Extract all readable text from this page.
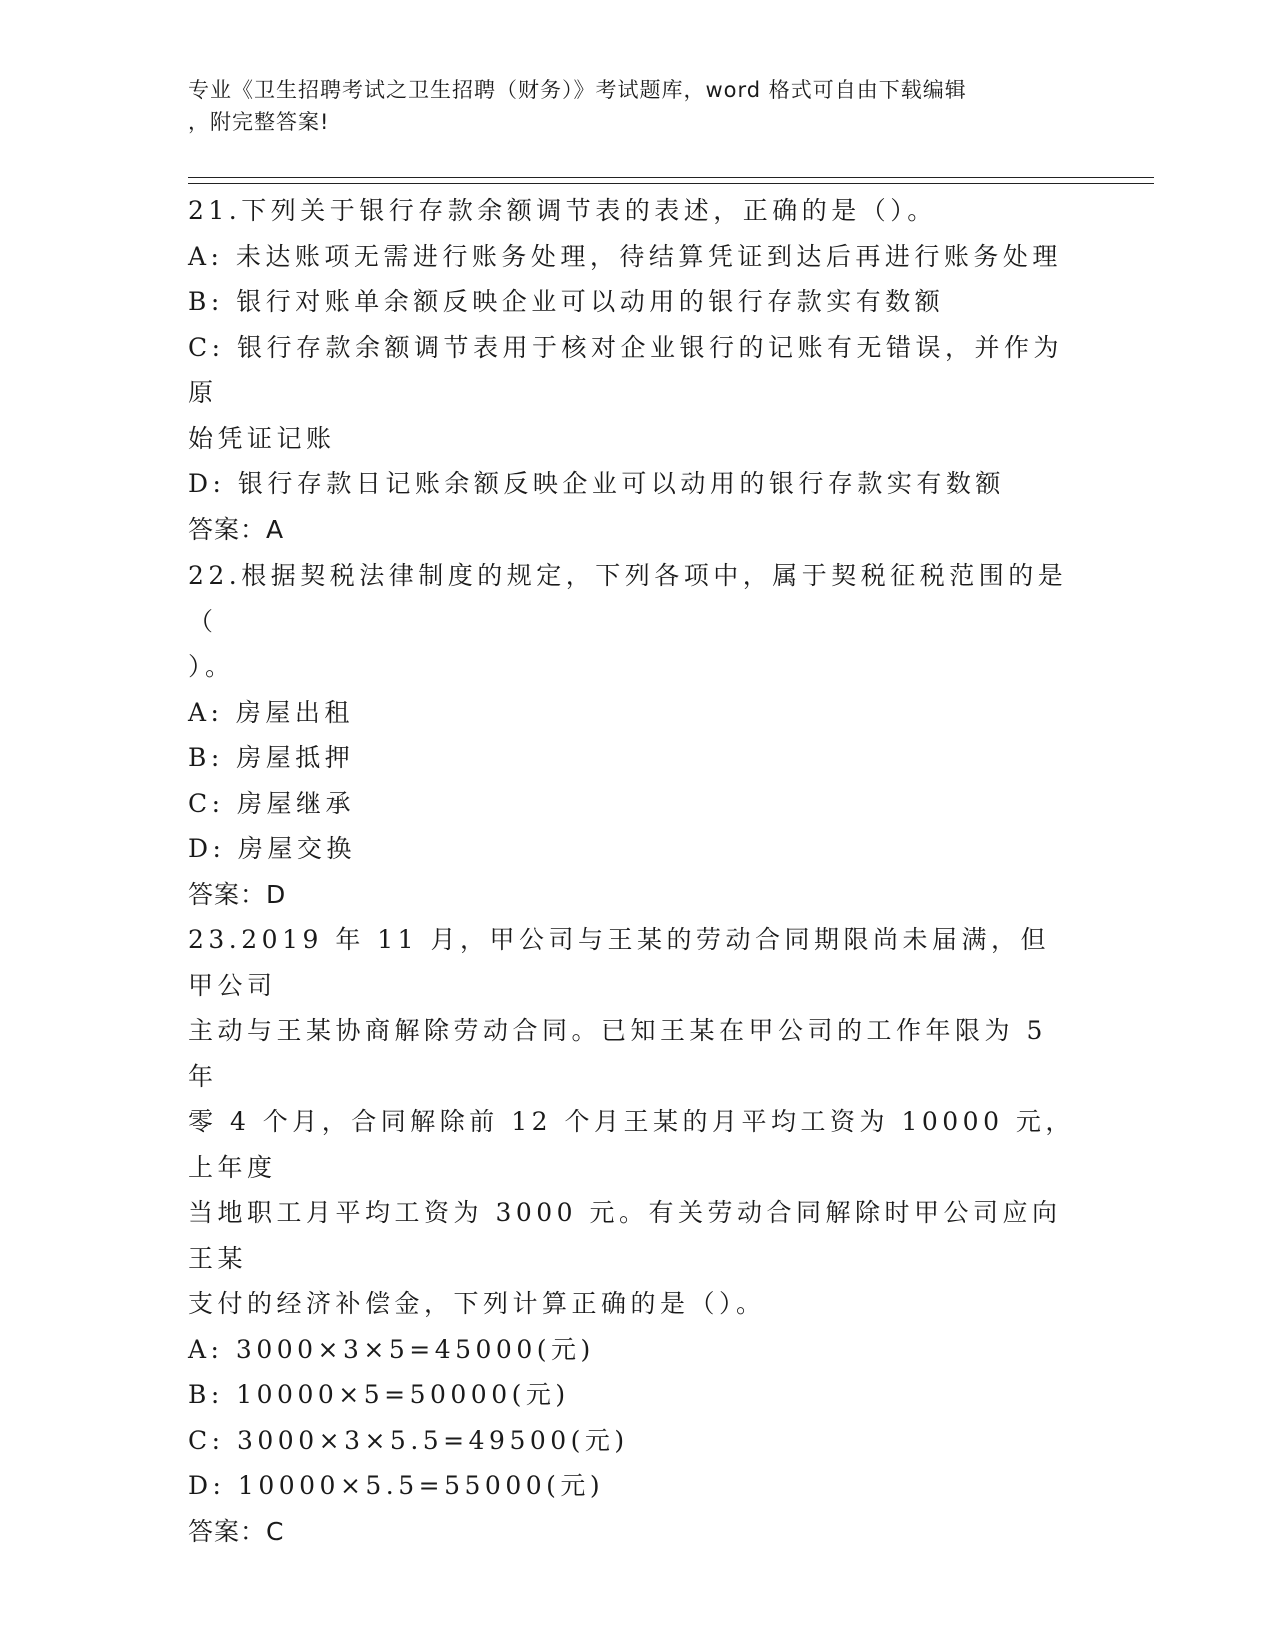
专业《卫生招聘考试之卫生招聘（财务）》考试题库，word 格式可自由下载编辑
，附完整答案!
21.下列关于银行存款余额调节表的表述，正确的是（）。
A: 未达账项无需进行账务处理，待结算凭证到达后再进行账务处理
B: 银行对账单余额反映企业可以动用的银行存款实有数额
C: 银行存款余额调节表用于核对企业银行的记账有无错误，并作为原
始凭证记账
D: 银行存款日记账余额反映企业可以动用的银行存款实有数额
答案：A
22.根据契税法律制度的规定，下列各项中，属于契税征税范围的是（
）。
A: 房屋出租
B: 房屋抵押
C: 房屋继承
D: 房屋交换
答案：D
23.2019 年 11 月，甲公司与王某的劳动合同期限尚未届满，但甲公司
主动与王某协商解除劳动合同。已知王某在甲公司的工作年限为 5 年
零 4 个月，合同解除前 12 个月王某的月平均工资为 10000 元，上年度
当地职工月平均工资为 3000 元。有关劳动合同解除时甲公司应向王某
支付的经济补偿金，下列计算正确的是（）。
A: 3000×3×5=45000(元)
B: 10000×5=50000(元)
C: 3000×3×5.5=49500(元)
D: 10000×5.5=55000(元)
答案：C
